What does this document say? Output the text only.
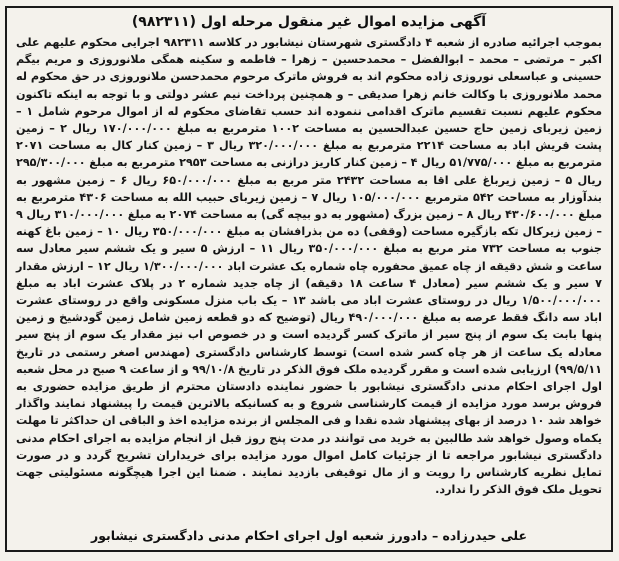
آگهی مزایده اموال غیر منقول مرحله اول (۹۸۲۳۱۱)

بموجب اجرائیه صادره از شعبه ۴ دادگستری شهرستان نیشابور در کلاسه ۹۸۲۳۱۱ اجرایی محکوم علیهم علی اکبر – مرتضی – محمد – ابوالفضل – محمدحسین – زهرا – فاطمه و سکینه همگی ملانوروزی و مریم بیگم حسینی و عباسعلی نوروزی زاده محکوم اند به فروش ماترک مرحوم محمدحسن ملانوروزی در حق محکوم له محمد ملانوروزی با وکالت خانم زهرا صدیقی – و همچنین پرداخت نیم عشر دولتی و با توجه به اینکه تاکنون محکوم علیهم نسبت تقسیم ماترک اقدامی ننموده اند حسب تقاضای محکوم له از اموال مرحوم شامل ۱ – زمین زیربای زمین حاج حسین عبدالحسین به مساحت ۱۰۰۲ مترمربع به مبلغ ۱۷۰/۰۰۰/۰۰۰ ریال ۲ – زمین پشت قریش اباد به مساحت ۲۲۱۴ مترمربع به مبلغ ۳۲۰/۰۰۰/۰۰۰ ریال ۳ – زمین کنار کال به مساحت ۲۰۷۱ مترمربع به مبلغ ۵۱/۷۷۵/۰۰۰ ریال ۴ – زمین کنار کاریز درازنی به مساحت ۲۹۵۳ مترمربع به مبلغ ۲۹۵/۳۰۰/۰۰۰ ریال ۵ – زمین زیرباغ علی اقا به مساحت ۲۴۳۲ متر مربع به مبلغ ۶۵۰/۰۰۰/۰۰۰ ریال ۶ – زمین مشهور به بندآوزار به مساحت ۵۴۲ مترمربع ۱۰۵/۰۰۰/۰۰۰ ریال ۷ – زمین زیربای حبیب الله به مساحت ۴۳۰۶ مترمربع به مبلغ ۴۳۰/۶۰۰/۰۰۰ ریال ۸ – زمین بزرگ (مشهور به دو بیچه گی) به مساحت ۲۰۷۴ به مبلغ ۳۱۰/۰۰۰/۰۰۰ ریال ۹ – زمین زیرکال تکه بازگیره مساحت (وقفی) ده من بذرافشان به مبلغ ۳۵۰/۰۰۰/۰۰۰ ریال ۱۰ – زمین باغ کهنه جنوب به مساحت ۷۳۲ متر مربع به مبلغ ۳۵۰/۰۰۰/۰۰۰ ریال ۱۱ – ارزش ۵ سیر و یک ششم سیر معادل سه ساعت و شش دقیقه از چاه عمیق محفوره چاه شماره یک عشرت اباد ۱/۳۰۰/۰۰۰/۰۰۰ ریال ۱۲ – ارزش مقدار ۷ سیر و یک ششم سیر (معادل ۴ ساعت ۱۸ دقیقه) از چاه جدید شماره ۲ در پلاک عشرت اباد به مبلغ ۱/۵۰۰/۰۰۰/۰۰۰ ریال در روستای عشرت اباد می باشد ۱۳ – یک باب منزل مسکونی واقع در روستای عشرت اباد سه دانگ فقط عرصه به مبلغ ۴۹۰/۰۰۰/۰۰۰ ریال (توضیح که دو قطعه زمین شامل زمین گودشیخ و زمین پنها بابت یک سوم از پنج سیر از ماترک کسر گردیده است و در خصوص اب نیز مقدار یک سوم از پنج سیر معادله یک ساعت از هر چاه کسر شده است) توسط کارشناس دادگستری (مهندس اصغر رستمی در تاریخ ۹۹/۵/۱۱) ارزیابی شده است و مقرر گردیده ملک فوق الذکر در تاریخ ۹۹/۱۰/۸ و از ساعت ۹ صبح در محل شعبه اول اجرای احکام مدنی دادگستری نیشابور با حضور نماینده دادستان محترم از طریق مزایده حضوری به فروش برسد مورد مزایده از قیمت کارشناسی شروع و به کسانیکه بالاترین قیمت را پیشنهاد نمایند واگذار خواهد شد ۱۰ درصد از بهای پیشنهاد شده نقدا و فی المجلس از برنده مزایده اخذ و الباقی ان حداکثر تا مهلت یکماه وصول خواهد شد طالبین به خرید می توانند در مدت پنج روز قبل از انجام مزایده به اجرای احکام مدنی دادگستری نیشابور مراجعه تا از جزئیات کامل اموال مورد مزایده برای خریداران تشریح گردد و در صورت تمایل نظریه کارشناس را رویت و از مال توقیفی بازدید نمایند . ضمنا این اجرا هیچگونه مسئولیتی جهت تحویل ملک فوق الذکر را ندارد.

علی حیدرزاده – دادورز شعبه اول اجرای احکام مدنی دادگستری نیشابور
